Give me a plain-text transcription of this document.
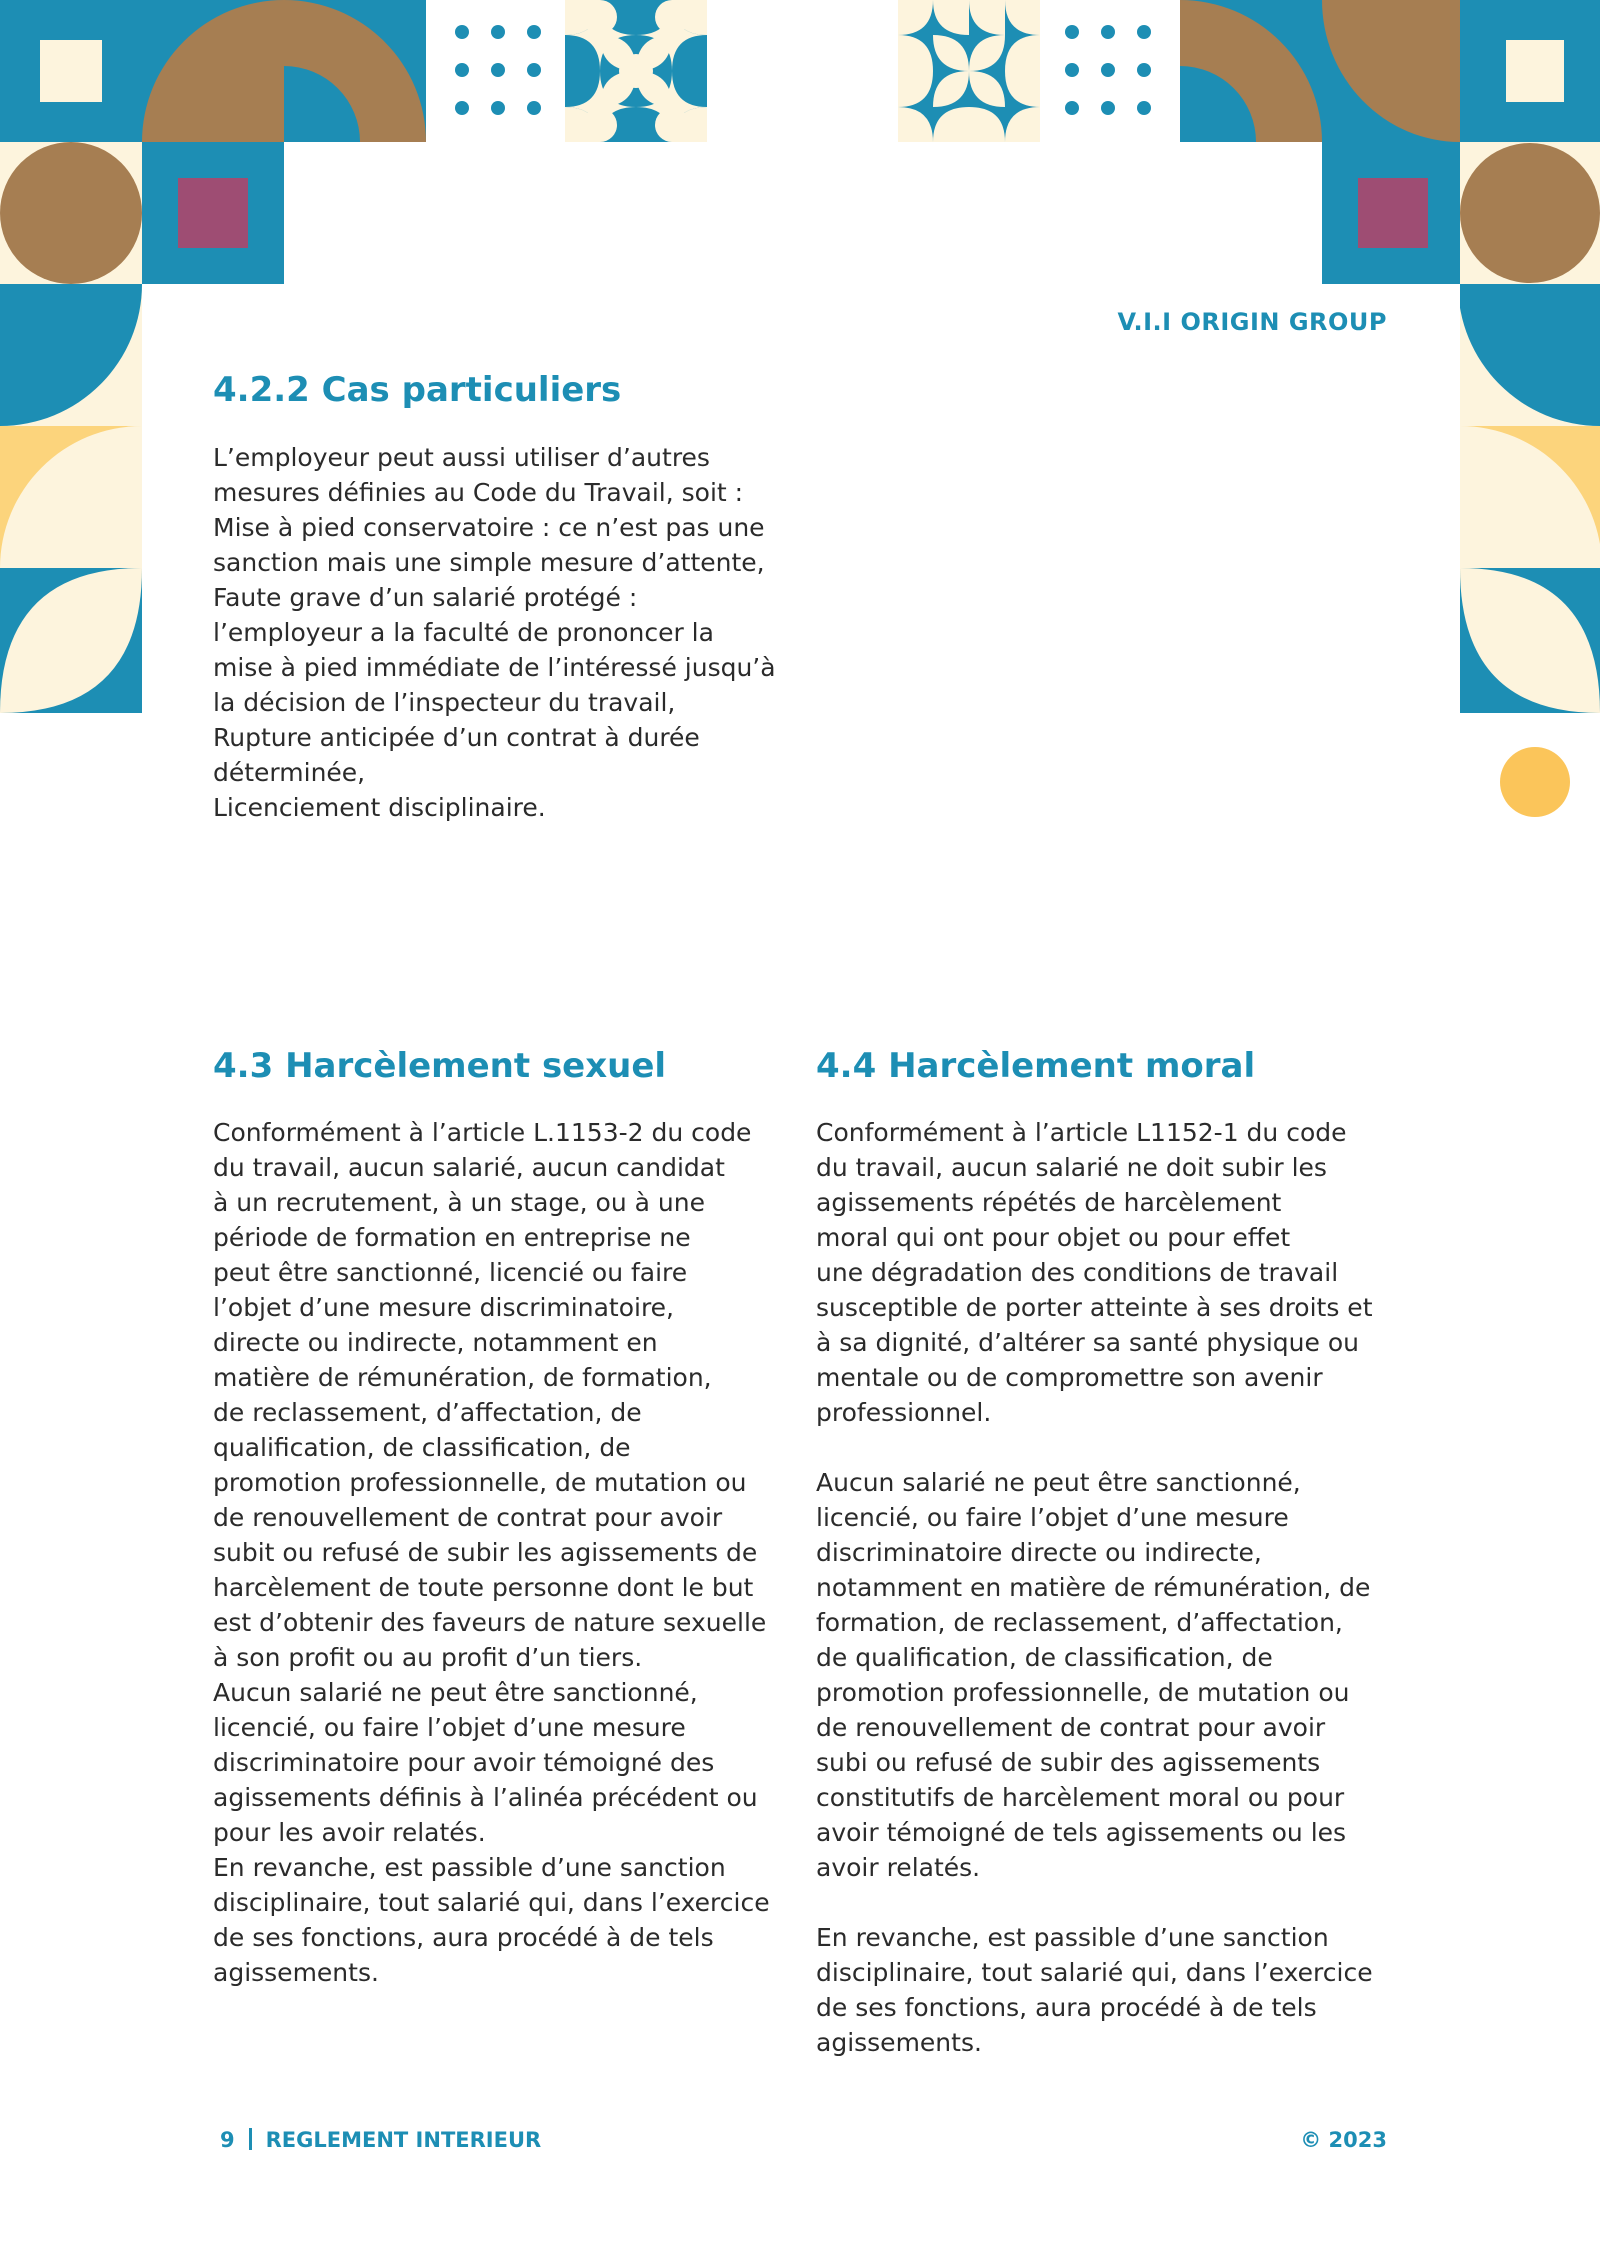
V.I.I ORIGIN GROUP

4.2.2 Cas particuliers
L’employeur peut aussi utiliser d’autres
mesures définies au Code du Travail, soit :
Mise à pied conservatoire : ce n’est pas une
sanction mais une simple mesure d’attente,
Faute grave d’un salarié protégé :
l’employeur a la faculté de prononcer la
mise à pied immédiate de l’intéressé jusqu’à
la décision de l’inspecteur du travail,
Rupture anticipée d’un contrat à durée
déterminée,
Licenciement disciplinaire.
4.3 Harcèlement sexuel
Conformément à l’article L.1153-2 du code
du travail, aucun salarié, aucun candidat
à un recrutement, à un stage, ou à une
période de formation en entreprise ne
peut être sanctionné, licencié ou faire
l’objet d’une mesure discriminatoire,
directe ou indirecte, notamment en
matière de rémunération, de formation,
de reclassement, d’affectation, de
qualification, de classification, de
promotion professionnelle, de mutation ou
de renouvellement de contrat pour avoir
subit ou refusé de subir les agissements de
harcèlement de toute personne dont le but
est d’obtenir des faveurs de nature sexuelle
à son profit ou au profit d’un tiers.
Aucun salarié ne peut être sanctionné,
licencié, ou faire l’objet d’une mesure
discriminatoire pour avoir témoigné des
agissements définis à l’alinéa précédent ou
pour les avoir relatés.
En revanche, est passible d’une sanction
disciplinaire, tout salarié qui, dans l’exercice
de ses fonctions, aura procédé à de tels
agissements.
4.4 Harcèlement moral
Conformément à l’article L1152-1 du code
du travail, aucun salarié ne doit subir les
agissements répétés de harcèlement
moral qui ont pour objet ou pour effet
une dégradation des conditions de travail
susceptible de porter atteinte à ses droits et
à sa dignité, d’altérer sa santé physique ou
mentale ou de compromettre son avenir
professionnel.
Aucun salarié ne peut être sanctionné,
licencié, ou faire l’objet d’une mesure
discriminatoire directe ou indirecte,
notamment en matière de rémunération, de
formation, de reclassement, d’affectation,
de qualification, de classification, de
promotion professionnelle, de mutation ou
de renouvellement de contrat pour avoir
subi ou refusé de subir des agissements
constitutifs de harcèlement moral ou pour
avoir témoigné de tels agissements ou les
avoir relatés.
En revanche, est passible d’une sanction
disciplinaire, tout salarié qui, dans l’exercice
de ses fonctions, aura procédé à de tels
agissements.
9 REGLEMENT INTERIEUR	© 2023
